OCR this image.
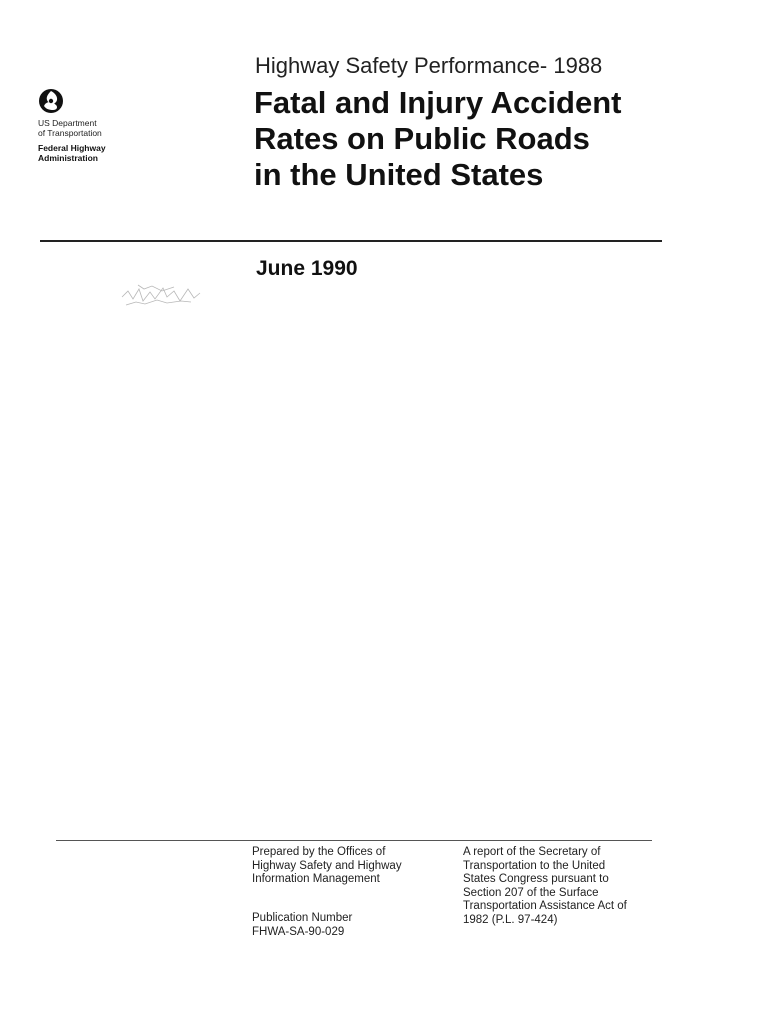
US Department
of Transportation
Federal Highway
Administration
Highway Safety Performance- 1988
Fatal and Injury Accident
Rates on Public Roads
in the United States
June 1990
Prepared by the Offices of
Highway Safety and Highway
Information Management
Publication Number
FHWA-SA-90-029
A report of the Secretary of
Transportation to the United
States Congress pursuant to
Section 207 of the Surface
Transportation Assistance Act of
1982 (P.L. 97-424)
